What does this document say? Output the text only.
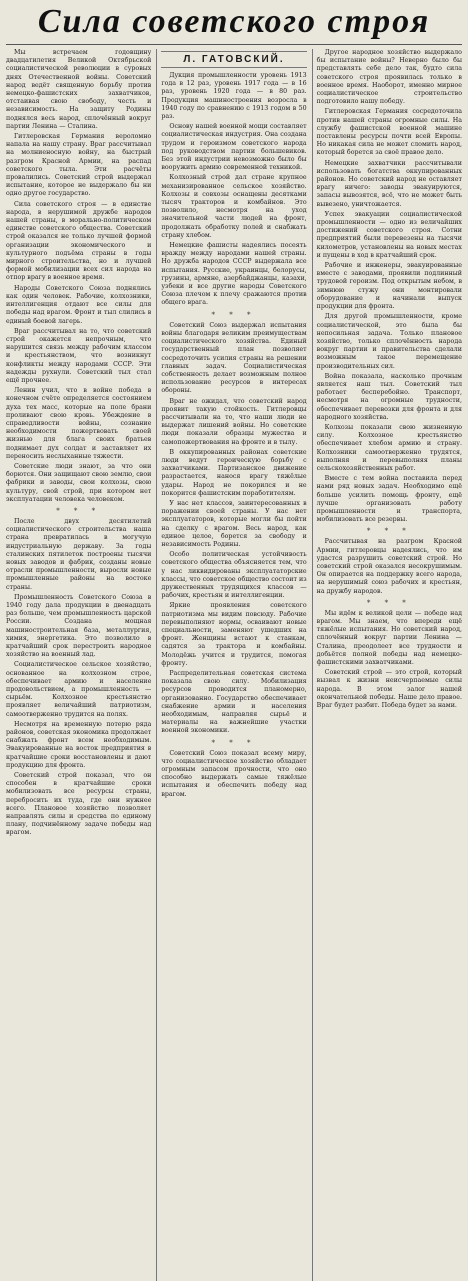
Сила советского строя

Мы встречаем годовщину двадцатилетия Великой Октябрьской социалистической революции в суровых днях Отечественной войны. Советский народ ведёт священную борьбу против немецко-фашистских захватчиков, отстаивая свою свободу, честь и независимость. На защиту Родины поднялся весь народ, сплочённый вокруг партии Ленина — Сталина.

Гитлеровская Германия вероломно напала на нашу страну. Враг рассчитывал на молниеносную войну, на быстрый разгром Красной Армии, на распад советского тыла. Эти расчёты провалились. Советский строй выдержал испытание, которое не выдержало бы ни одно другое государство.

Сила советского строя — в единстве народа, в нерушимой дружбе народов нашей страны, в морально-политическом единстве советского общества. Советский строй оказался не только лучшей формой организации экономического и культурного подъёма страны в годы мирного строительства, но и лучшей формой мобилизации всех сил народа на отпор врагу в военное время.

Народы Советского Союза поднялись как один человек. Рабочие, колхозники, интеллигенция отдают все силы для победы над врагом. Фронт и тыл слились в единый боевой лагерь.

Враг рассчитывал на то, что советский строй окажется непрочным, что нарушится связь между рабочим классом и крестьянством, что возникнут конфликты между народами СССР. Эти надежды рухнули. Советский тыл стал ещё прочнее.

Ленин учил, что в войне победа в конечном счёте определяется состоянием духа тех масс, которые на поле брани проливают свою кровь. Убеждение в справедливости войны, сознание необходимости пожертвовать своей жизнью для блага своих братьев поднимает дух солдат и заставляет их переносить неслыханные тяжести.

Советские люди знают, за что они борются. Они защищают свою землю, свои фабрики и заводы, свои колхозы, свою культуру, свой строй, при котором нет эксплуатации человека человеком.

* * *

После двух десятилетий социалистического строительства наша страна превратилась в могучую индустриальную державу. За годы сталинских пятилеток построены тысячи новых заводов и фабрик, созданы новые отрасли промышленности, выросли новые промышленные районы на востоке страны.

Промышленность Советского Союза в 1940 году дала продукции в двенадцать раз больше, чем промышленность царской России. Создана мощная машиностроительная база, металлургия, химия, энергетика. Это позволило в кратчайший срок перестроить народное хозяйство на военный лад.

Социалистическое сельское хозяйство, основанное на колхозном строе, обеспечивает армию и население продовольствием, а промышленность — сырьём. Колхозное крестьянство проявляет величайший патриотизм, самоотверженно трудится на полях.

Несмотря на временную потерю ряда районов, советская экономика продолжает снабжать фронт всем необходимым. Эвакуированные на восток предприятия в кратчайшие сроки восстановлены и дают продукцию для фронта.

Советский строй показал, что он способен в кратчайшие сроки мобилизовать все ресурсы страны, перебросить их туда, где они нужнее всего. Плановое хозяйство позволяет направлять силы и средства по единому плану, подчинённому задаче победы над врагом.

Л. ГАТОВСКИЙ.

Дукция промышленности уровень 1913 года в 12 раз, уровень 1917 года — в 16 раз, уровень 1920 года — в 80 раз. Продукция машиностроения возросла в 1940 году по сравнению с 1913 годом в 50 раз.

Основу нашей военной мощи составляет социалистическая индустрия. Она создана трудом и героизмом советского народа под руководством партии большевиков. Без этой индустрии невозможно было бы вооружить армию современной техникой.

Колхозный строй дал стране крупное механизированное сельское хозяйство. Колхозы и совхозы оснащены десятками тысяч тракторов и комбайнов. Это позволило, несмотря на уход значительной части людей на фронт, продолжать обработку полей и снабжать страну хлебом.

Немецкие фашисты надеялись посеять вражду между народами нашей страны. Но дружба народов СССР выдержала все испытания. Русские, украинцы, белорусы, грузины, армяне, азербайджанцы, казахи, узбеки и все другие народы Советского Союза плечом к плечу сражаются против общего врага.

* * *

Советский Союз выдержал испытания войны благодаря великим преимуществам социалистического хозяйства. Единый государственный план позволяет сосредоточить усилия страны на решении главных задач. Социалистическая собственность делает возможным полное использование ресурсов в интересах обороны.

Враг не ожидал, что советский народ проявит такую стойкость. Гитлеровцы рассчитывали на то, что наши люди не выдержат лишений войны. Но советские люди показали образцы мужества и самопожертвования на фронте и в тылу.

В оккупированных районах советские люди ведут героическую борьбу с захватчиками. Партизанское движение разрастается, нанося врагу тяжёлые удары. Народ не покорился и не покорится фашистским поработителям.

У нас нет классов, заинтересованных в поражении своей страны. У нас нет эксплуататоров, которые могли бы пойти на сделку с врагом. Весь народ, как единое целое, борется за свободу и независимость Родины.

Особо политическая устойчивость советского общества объясняется тем, что у нас ликвидированы эксплуататорские классы, что советское общество состоит из дружественных трудящихся классов — рабочих, крестьян и интеллигенции.

Яркие проявления советского патриотизма мы видим повсюду. Рабочие перевыполняют нормы, осваивают новые специальности, заменяют ушедших на фронт. Женщины встают к станкам, садятся за трактора и комбайны. Молодёжь учится и трудится, помогая фронту.

Распределительная советская система показала свою силу. Мобилизация ресурсов проводится планомерно, организованно. Государство обеспечивает снабжение армии и населения необходимым, направляя сырьё и материалы на важнейшие участки военной экономики.

* * *

Советский Союз показал всему миру, что социалистическое хозяйство обладает огромным запасом прочности, что оно способно выдержать самые тяжёлые испытания и обеспечить победу над врагом.

Другое народное хозяйство выдержало бы испытание войны? Неверно было бы представлять себе дело так, будто сила советского строя проявилась только в военное время. Наоборот, именно мирное социалистическое строительство подготовило нашу победу.

Гитлеровская Германия сосредоточила против нашей страны огромные силы. На службу фашистской военной машине поставлены ресурсы почти всей Европы. Но никакая сила не может сломить народ, который борется за своё правое дело.

Немецкие захватчики рассчитывали использовать богатства оккупированных районов. Но советский народ не оставляет врагу ничего: заводы эвакуируются, запасы вывозятся, всё, что не может быть вывезено, уничтожается.

Успех эвакуации социалистической промышленности — одно из величайших достижений советского строя. Сотни предприятий были перевезены на тысячи километров, установлены на новых местах и пущены в ход в кратчайший срок.

Рабочие и инженеры, эвакуированные вместе с заводами, проявили подлинный трудовой героизм. Под открытым небом, в зимнюю стужу они монтировали оборудование и начинали выпуск продукции для фронта.

Для другой промышленности, кроме социалистической, это была бы непосильная задача. Только плановое хозяйство, только сплочённость народа вокруг партии и правительства сделали возможным такое перемещение производительных сил.

Война показала, насколько прочным является наш тыл. Советский тыл работает бесперебойно. Транспорт, несмотря на огромные трудности, обеспечивает перевозки для фронта и для народного хозяйства.

Колхозы показали свою жизненную силу. Колхозное крестьянство обеспечивает хлебом армию и страну. Колхозники самоотверженно трудятся, выполняя и перевыполняя планы сельскохозяйственных работ.

Вместе с тем война поставила перед нами ряд новых задач. Необходимо ещё больше усилить помощь фронту, ещё лучше организовать работу промышленности и транспорта, мобилизовать все резервы.

* * *

Рассчитывая на разгром Красной Армии, гитлеровцы надеялись, что им удастся разрушить советский строй. Но советский строй оказался несокрушимым. Он опирается на поддержку всего народа, на нерушимый союз рабочих и крестьян, на дружбу народов.

* * *

Мы идём к великой цели — победе над врагом. Мы знаем, что впереди ещё тяжёлые испытания. Но советский народ, сплочённый вокруг партии Ленина — Сталина, преодолеет все трудности и добьётся полной победы над немецко-фашистскими захватчиками.

Советский строй — это строй, который вызвал к жизни неисчерпаемые силы народа. В этом залог нашей окончательной победы. Наше дело правое. Враг будет разбит. Победа будет за нами.
